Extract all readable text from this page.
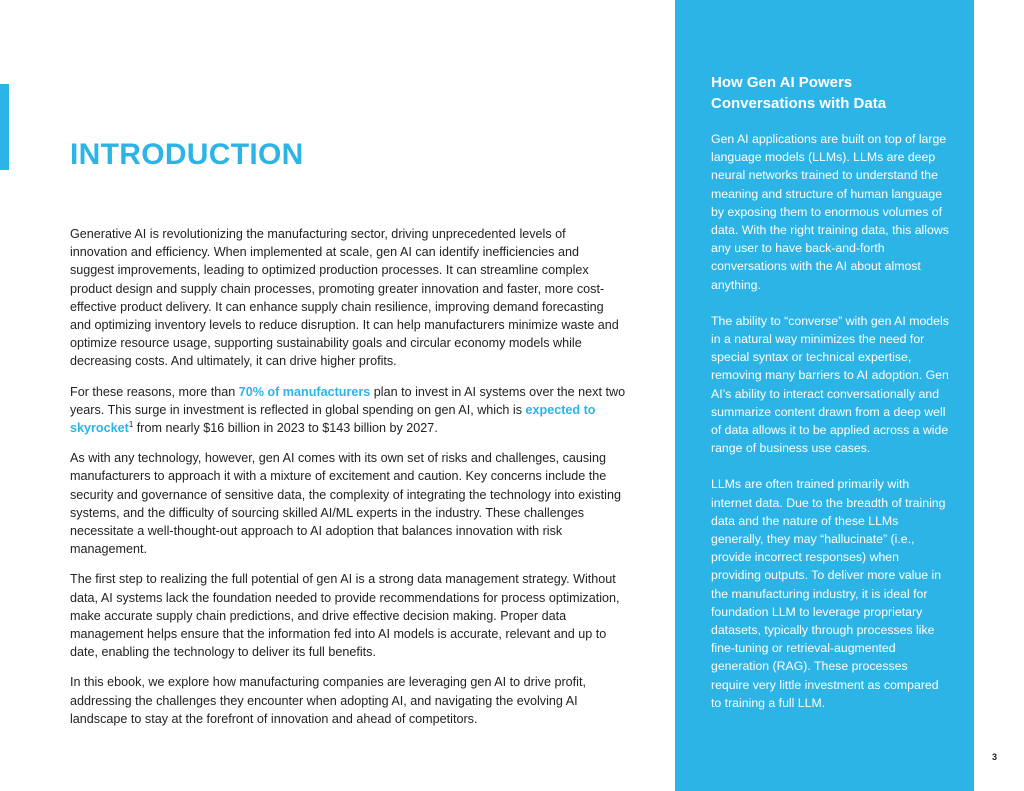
INTRODUCTION

Generative AI is revolutionizing the manufacturing sector, driving unprecedented levels of innovation and efficiency. When implemented at scale, gen AI can identify inefficiencies and suggest improvements, leading to optimized production processes. It can streamline complex product design and supply chain processes, promoting greater innovation and faster, more cost-effective product delivery. It can enhance supply chain resilience, improving demand forecasting and optimizing inventory levels to reduce disruption. It can help manufacturers minimize waste and optimize resource usage, supporting sustainability goals and circular economy models while decreasing costs. And ultimately, it can drive higher profits.

For these reasons, more than 70% of manufacturers plan to invest in AI systems over the next two years. This surge in investment is reflected in global spending on gen AI, which is expected to skyrocket$^1$ from nearly $16 billion in 2023 to $143 billion by 2027.

As with any technology, however, gen AI comes with its own set of risks and challenges, causing manufacturers to approach it with a mixture of excitement and caution. Key concerns include the security and governance of sensitive data, the complexity of integrating the technology into existing systems, and the difficulty of sourcing skilled AI/ML experts in the industry. These challenges necessitate a well-thought-out approach to AI adoption that balances innovation with risk management.

The first step to realizing the full potential of gen AI is a strong data management strategy. Without data, AI systems lack the foundation needed to provide recommendations for process optimization, make accurate supply chain predictions, and drive effective decision making. Proper data management helps ensure that the information fed into AI models is accurate, relevant and up to date, enabling the technology to deliver its full benefits.

In this ebook, we explore how manufacturing companies are leveraging gen AI to drive profit, addressing the challenges they encounter when adopting AI, and navigating the evolving AI landscape to stay at the forefront of innovation and ahead of competitors.

How Gen AI Powers Conversations with Data

Gen AI applications are built on top of large language models (LLMs). LLMs are deep neural networks trained to understand the meaning and structure of human language by exposing them to enormous volumes of data. With the right training data, this allows any user to have back-and-forth conversations with the AI about almost anything.

The ability to “converse” with gen AI models in a natural way minimizes the need for special syntax or technical expertise, removing many barriers to AI adoption. Gen AI’s ability to interact conversationally and summarize content drawn from a deep well of data allows it to be applied across a wide range of business use cases.

LLMs are often trained primarily with internet data. Due to the breadth of training data and the nature of these LLMs generally, they may “hallucinate” (i.e., provide incorrect responses) when providing outputs. To deliver more value in the manufacturing industry, it is ideal for foundation LLM to leverage proprietary datasets, typically through processes like fine-tuning or retrieval-augmented generation (RAG). These processes require very little investment as compared to training a full LLM.

3
